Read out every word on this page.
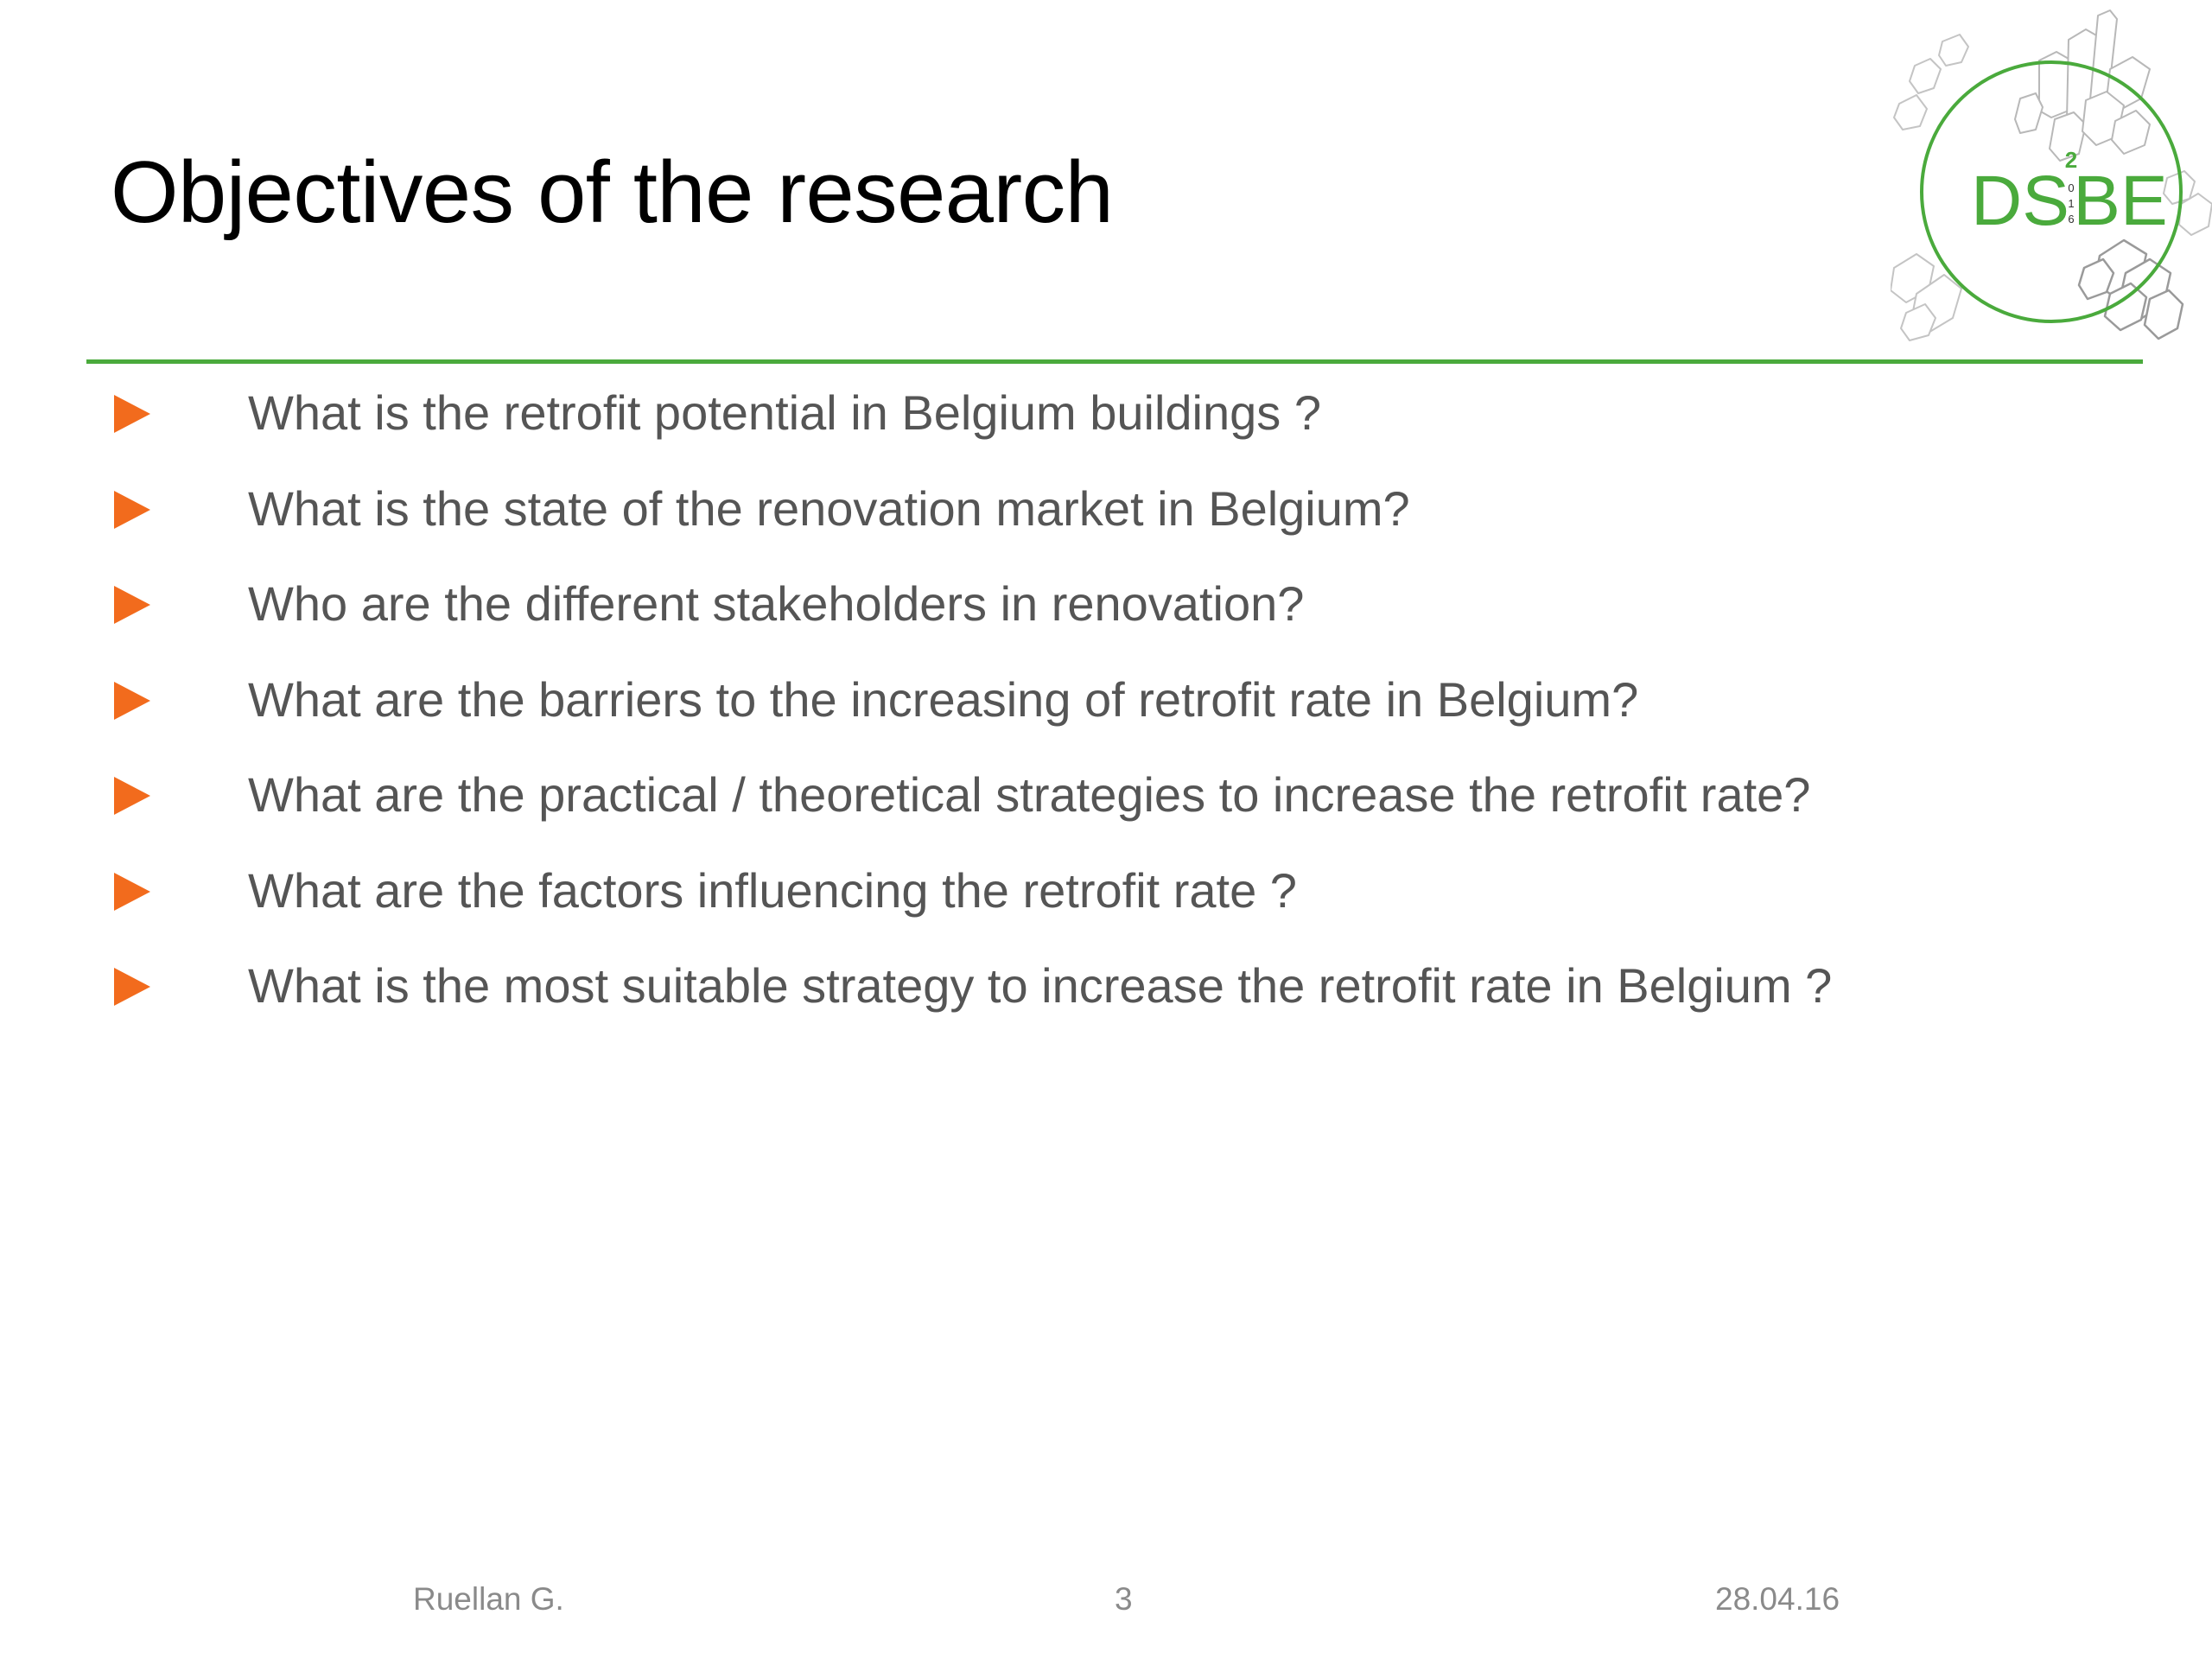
Objectives of the research	DS BE
2
0
1
6
What is the retrofit potential in Belgium buildings ?
What is the state of the renovation market in Belgium?
Who are the different stakeholders in renovation?
What are the barriers to the increasing of retrofit rate in Belgium?
What are the practical / theoretical strategies to increase the retrofit rate?
What are the factors influencing the retrofit rate ?
What is the most suitable strategy to increase the retrofit rate in Belgium ?
Ruellan G.	3	28.04.16
